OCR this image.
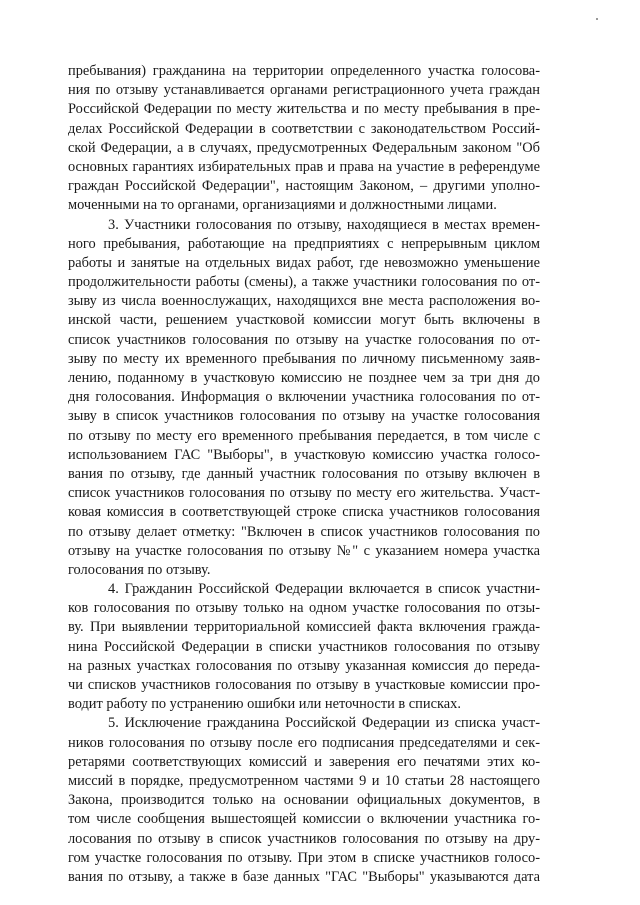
пребывания) гражданина на территории определенного участка голосова-
ния по отзыву устанавливается органами регистрационного учета граждан
Российской Федерации по месту жительства и по месту пребывания в пре-
делах Российской Федерации в соответствии с законодательством Россий-
ской Федерации, а в случаях, предусмотренных Федеральным законом "Об
основных гарантиях избирательных прав и права на участие в референдуме
граждан Российской Федерации", настоящим Законом, – другими уполно-
моченными на то органами, организациями и должностными лицами.
3. Участники голосования по отзыву, находящиеся в местах времен-
ного пребывания, работающие на предприятиях с непрерывным циклом
работы и занятые на отдельных видах работ, где невозможно уменьшение
продолжительности работы (смены), а также участники голосования по от-
зыву из числа военнослужащих, находящихся вне места расположения во-
инской части, решением участковой комиссии могут быть включены в
список участников голосования по отзыву на участке голосования по от-
зыву по месту их временного пребывания по личному письменному заяв-
лению, поданному в участковую комиссию не позднее чем за три дня до
дня голосования. Информация о включении участника голосования по от-
зыву в список участников голосования по отзыву на участке голосования
по отзыву по месту его временного пребывания передается, в том числе с
использованием ГАС "Выборы", в участковую комиссию участка голосо-
вания по отзыву, где данный участник голосования по отзыву включен в
список участников голосования по отзыву по месту его жительства. Участ-
ковая комиссия в соответствующей строке списка участников голосования
по отзыву делает отметку: "Включен в список участников голосования по
отзыву на участке голосования по отзыву №" с указанием номера участка
голосования по отзыву.
4. Гражданин Российской Федерации включается в список участни-
ков голосования по отзыву только на одном участке голосования по отзы-
ву. При выявлении территориальной комиссией факта включения гражда-
нина Российской Федерации в списки участников голосования по отзыву
на разных участках голосования по отзыву указанная комиссия до переда-
чи списков участников голосования по отзыву в участковые комиссии про-
водит работу по устранению ошибки или неточности в списках.
5. Исключение гражданина Российской Федерации из списка участ-
ников голосования по отзыву после его подписания председателями и сек-
ретарями соответствующих комиссий и заверения его печатями этих ко-
миссий в порядке, предусмотренном частями 9 и 10 статьи 28 настоящего
Закона, производится только на основании официальных документов, в
том числе сообщения вышестоящей комиссии о включении участника го-
лосования по отзыву в список участников голосования по отзыву на дру-
гом участке голосования по отзыву. При этом в списке участников голосо-
вания по отзыву, а также в базе данных "ГАС "Выборы" указываются дата
